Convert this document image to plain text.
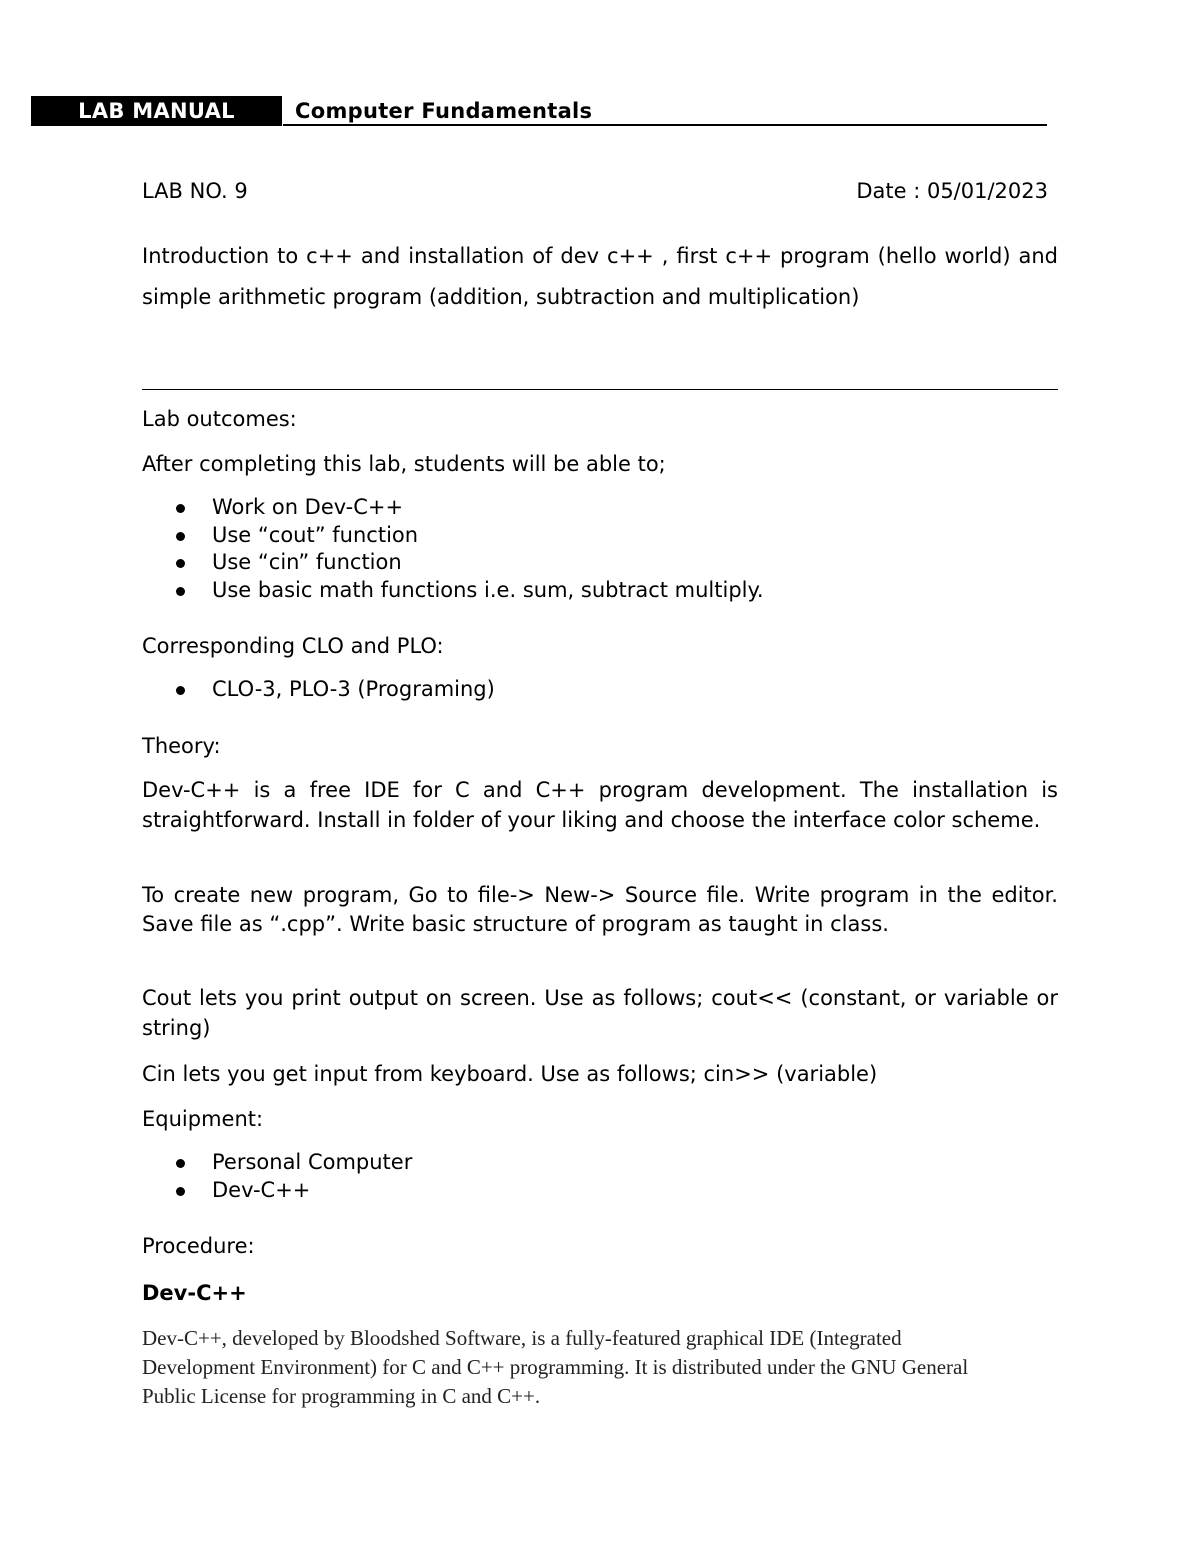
LAB MANUAL	Computer Fundamentals
LAB NO. 9	Date : 05/01/2023
Introduction to c++ and installation of dev c++ , first c++ program (hello world) and simple arithmetic program (addition, subtraction and multiplication)
Lab outcomes:
After completing this lab, students will be able to;
Work on Dev-C++
Use “cout” function
Use “cin” function
Use basic math functions i.e. sum, subtract multiply.
Corresponding CLO and PLO:
CLO-3, PLO-3 (Programing)
Theory:
Dev-C++ is a free IDE for C and C++ program development. The installation is straightforward. Install in folder of your liking and choose the interface color scheme.
To create new program, Go to file-> New-> Source file. Write program in the editor. Save file as “.cpp”. Write basic structure of program as taught in class.
Cout lets you print output on screen. Use as follows; cout<< (constant, or variable or string)
Cin lets you get input from keyboard. Use as follows; cin>> (variable)
Equipment:
Personal Computer
Dev-C++
Procedure:
Dev-C++
Dev-C++, developed by Bloodshed Software, is a fully-featured graphical IDE (Integrated Development Environment) for C and C++ programming. It is distributed under the GNU General Public License for programming in C and C++.
